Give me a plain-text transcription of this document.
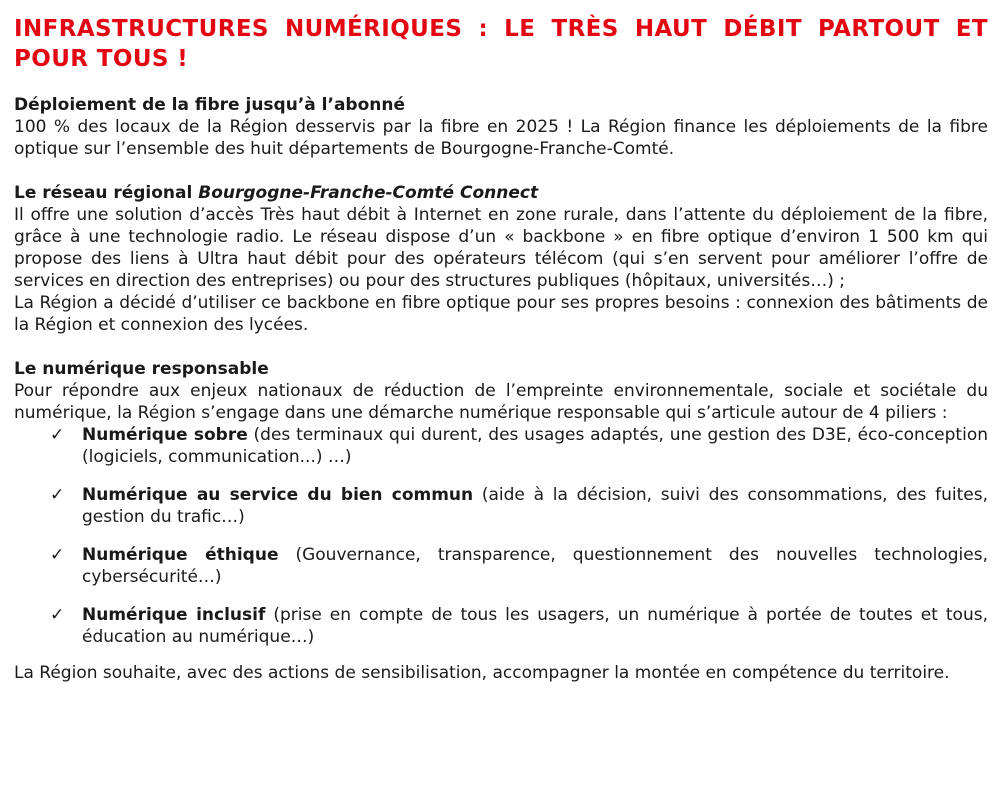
INFRASTRUCTURES NUMÉRIQUES : LE TRÈS HAUT DÉBIT PARTOUT ET POUR TOUS !
Déploiement de la fibre jusqu’à l’abonné

100 % des locaux de la Région desservis par la fibre en 2025 ! La Région finance les déploiements de la fibre optique sur l’ensemble des huit départements de Bourgogne-Franche-Comté.

Le réseau régional Bourgogne-Franche-Comté Connect

Il offre une solution d’accès Très haut débit à Internet en zone rurale, dans l’attente du déploiement de la fibre, grâce à une technologie radio. Le réseau dispose d’un « backbone » en fibre optique d’environ 1 500 km qui propose des liens à Ultra haut débit pour des opérateurs télécom (qui s’en servent pour améliorer l’offre de services en direction des entreprises) ou pour des structures publiques (hôpitaux, universités…) ;

La Région a décidé d’utiliser ce backbone en fibre optique pour ses propres besoins : connexion des bâtiments de la Région et connexion des lycées.

Le numérique responsable

Pour répondre aux enjeux nationaux de réduction de l’empreinte environnementale, sociale et sociétale du numérique, la Région s’engage dans une démarche numérique responsable qui s’articule autour de 4 piliers :

✓ Numérique sobre (des terminaux qui durent, des usages adaptés, une gestion des D3E, éco-conception (logiciels, communication...) …)
✓ Numérique au service du bien commun (aide à la décision, suivi des consommations, des fuites, gestion du trafic…)
✓ Numérique éthique (Gouvernance, transparence, questionnement des nouvelles technologies, cybersécurité…)
✓ Numérique inclusif (prise en compte de tous les usagers, un numérique à portée de toutes et tous, éducation au numérique…)

La Région souhaite, avec des actions de sensibilisation, accompagner la montée en compétence du territoire.
